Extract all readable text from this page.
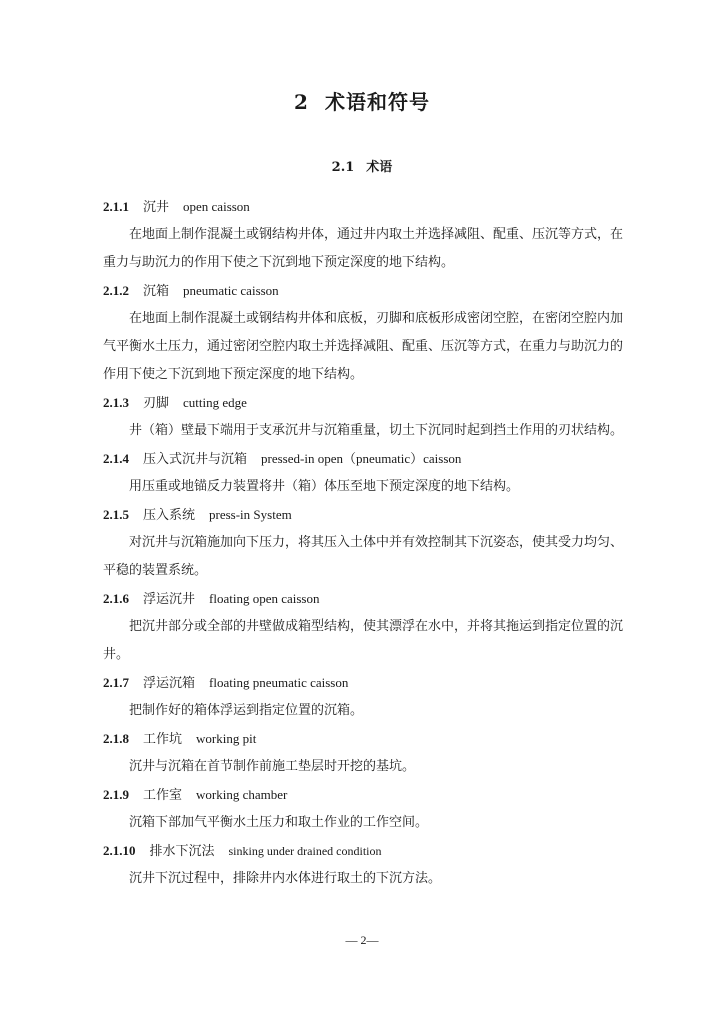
2 术语和符号
2.1 术语
2.1.1 沉井 open caisson
在地面上制作混凝土或钢结构井体，通过井内取土并选择减阻、配重、压沉等方式，在重力与助沉力的作用下使之下沉到地下预定深度的地下结构。
2.1.2 沉箱 pneumatic caisson
在地面上制作混凝土或钢结构井体和底板，刃脚和底板形成密闭空腔，在密闭空腔内加气平衡水土压力，通过密闭空腔内取土并选择减阻、配重、压沉等方式，在重力与助沉力的作用下使之下沉到地下预定深度的地下结构。
2.1.3 刃脚 cutting edge
井（箱）壁最下端用于支承沉井与沉箱重量，切土下沉同时起到挡土作用的刃状结构。
2.1.4 压入式沉井与沉箱 pressed-in open（pneumatic）caisson
用压重或地锚反力装置将井（箱）体压至地下预定深度的地下结构。
2.1.5 压入系统 press-in System
对沉井与沉箱施加向下压力，将其压入土体中并有效控制其下沉姿态，使其受力均匀、平稳的装置系统。
2.1.6 浮运沉井 floating open caisson
把沉井部分或全部的井壁做成箱型结构，使其漂浮在水中，并将其拖运到指定位置的沉井。
2.1.7 浮运沉箱 floating pneumatic caisson
把制作好的箱体浮运到指定位置的沉箱。
2.1.8 工作坑 working pit
沉井与沉箱在首节制作前施工垫层时开挖的基坑。
2.1.9 工作室 working chamber
沉箱下部加气平衡水土压力和取土作业的工作空间。
2.1.10 排水下沉法 sinking under drained condition
沉井下沉过程中，排除井内水体进行取土的下沉方法。
— 2—
